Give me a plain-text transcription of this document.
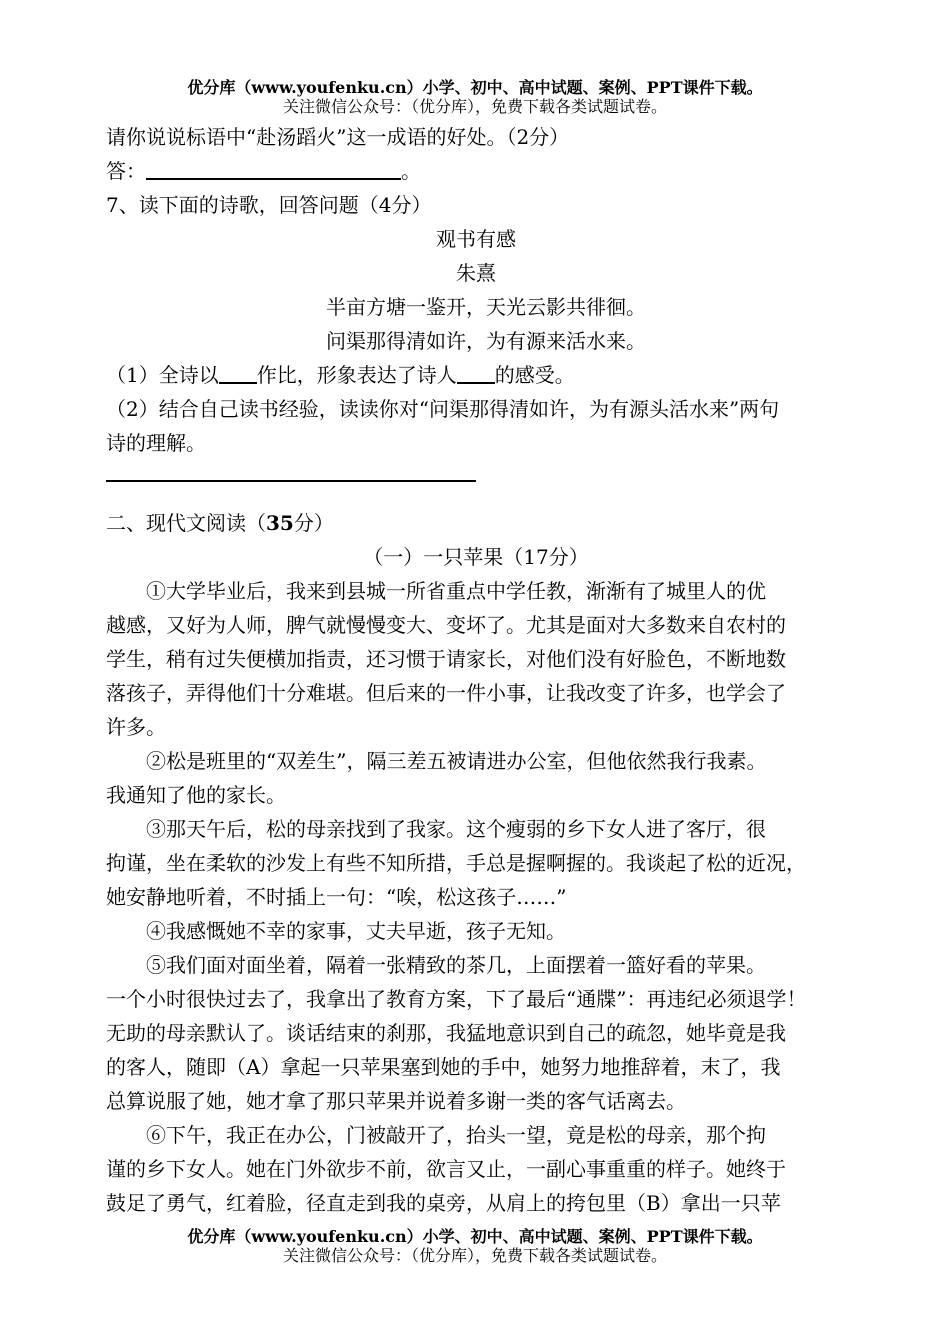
优分库（www.youfenku.cn）小学、初中、高中试题、案例、PPT课件下载。
关注微信公众号：（优分库），免费下载各类试题试卷。
请你说说标语中“赴汤蹈火”这一成语的好处。（2分）
答：	。
7、读下面的诗歌，回答问题（4分）
观书有感
朱熹
半亩方塘一鉴开，天光云影共徘徊。
问渠那得清如许，为有源来活水来。
（1）全诗以 作比，形象表达了诗人 的感受。
（2）结合自己读书经验，读读你对“问渠那得清如许，为有源头活水来”两句
诗的理解。
二、现代文阅读（35分）
（一）一只苹果（17分）
①大学毕业后，我来到县城一所省重点中学任教，渐渐有了城里人的优
越感，又好为人师，脾气就慢慢变大、变坏了。尤其是面对大多数来自农村的
学生，稍有过失便横加指责，还习惯于请家长，对他们没有好脸色，不断地数
落孩子，弄得他们十分难堪。但后来的一件小事，让我改变了许多，也学会了
许多。
②松是班里的“双差生”，隔三差五被请进办公室，但他依然我行我素。
我通知了他的家长。
③那天午后，松的母亲找到了我家。这个瘦弱的乡下女人进了客厅，很
拘谨，坐在柔软的沙发上有些不知所措，手总是握啊握的。我谈起了松的近况，
她安静地听着，不时插上一句：“唉，松这孩子……”
④我感慨她不幸的家事，丈夫早逝，孩子无知。
⑤我们面对面坐着，隔着一张精致的茶几，上面摆着一篮好看的苹果。
一个小时很快过去了，我拿出了教育方案，下了最后“通牒”：再违纪必须退学！
无助的母亲默认了。谈话结束的刹那，我猛地意识到自己的疏忽，她毕竟是我
的客人，随即（A）拿起一只苹果塞到她的手中，她努力地推辞着，末了，我
总算说服了她，她才拿了那只苹果并说着多谢一类的客气话离去。
⑥下午，我正在办公，门被敲开了，抬头一望，竟是松的母亲，那个拘
谨的乡下女人。她在门外欲步不前，欲言又止，一副心事重重的样子。她终于
鼓足了勇气，红着脸，径直走到我的桌旁，从肩上的挎包里（B）拿出一只苹
优分库（www.youfenku.cn）小学、初中、高中试题、案例、PPT课件下载。
关注微信公众号：（优分库），免费下载各类试题试卷。
